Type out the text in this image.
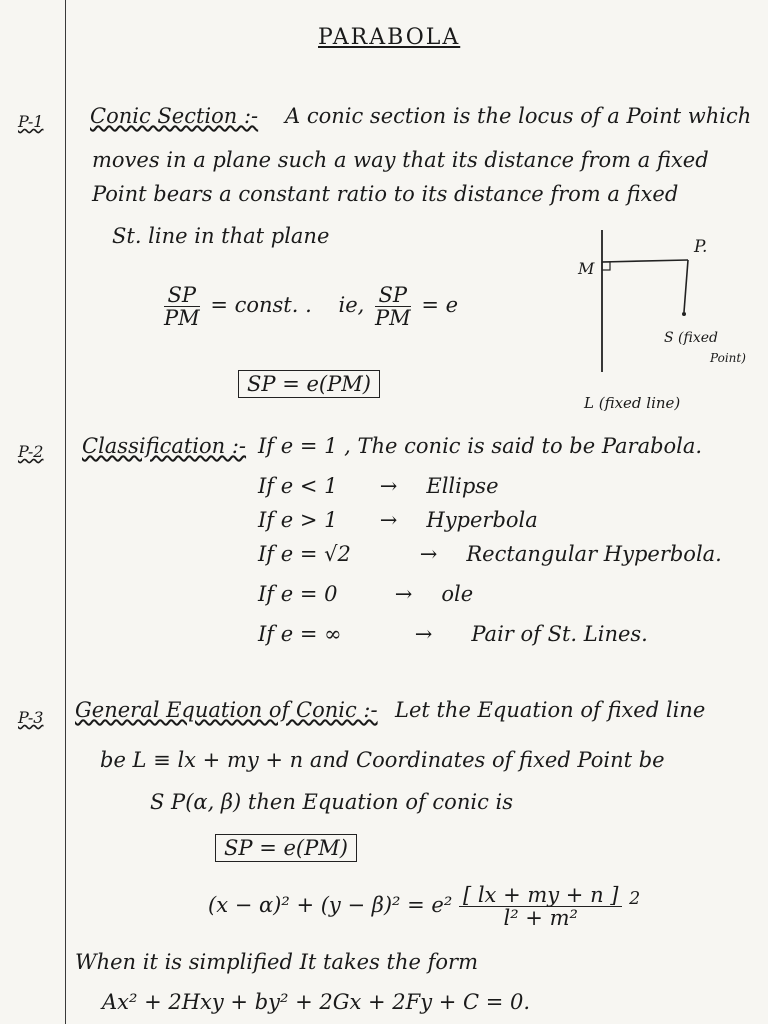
PARABOLA
P-1 Conic Section :- A conic section is the locus of a Point which
moves in a plane such a way that its distance from a fixed
Point bears a constant ratio to its distance from a fixed
St. line in that plane
$\frac{SP}{PM}$ = const. . ie, $\frac{SP}{PM} = e$
SP = e(PM)
M
P.
S (fixed
Point)
L (fixed line)
P-2 Classification :- If e = 1 , The conic is said to be Parabola.
If e < 1 → Ellipse
If e > 1 → Hyperbola
If e = √2	→ Rectangular Hyperbola.
If e = 0	→ ole
If e = ∞	→ Pair of St. Lines.
P-3 General Equation of Conic :- Let the Equation of fixed line
be L ≡ lx + my + n and Coordinates of fixed Point be
S P(α, β) then Equation of conic is
SP = e(PM)
$(x - \alpha)^2 + (y - \beta)^2 = e^2 \frac{[ lx + my + n ]}{\text{l² + m²}} ^2$
When it is simplified It takes the form
Ax² + 2Hxy + by² + 2Gx + 2Fy + C = 0.
